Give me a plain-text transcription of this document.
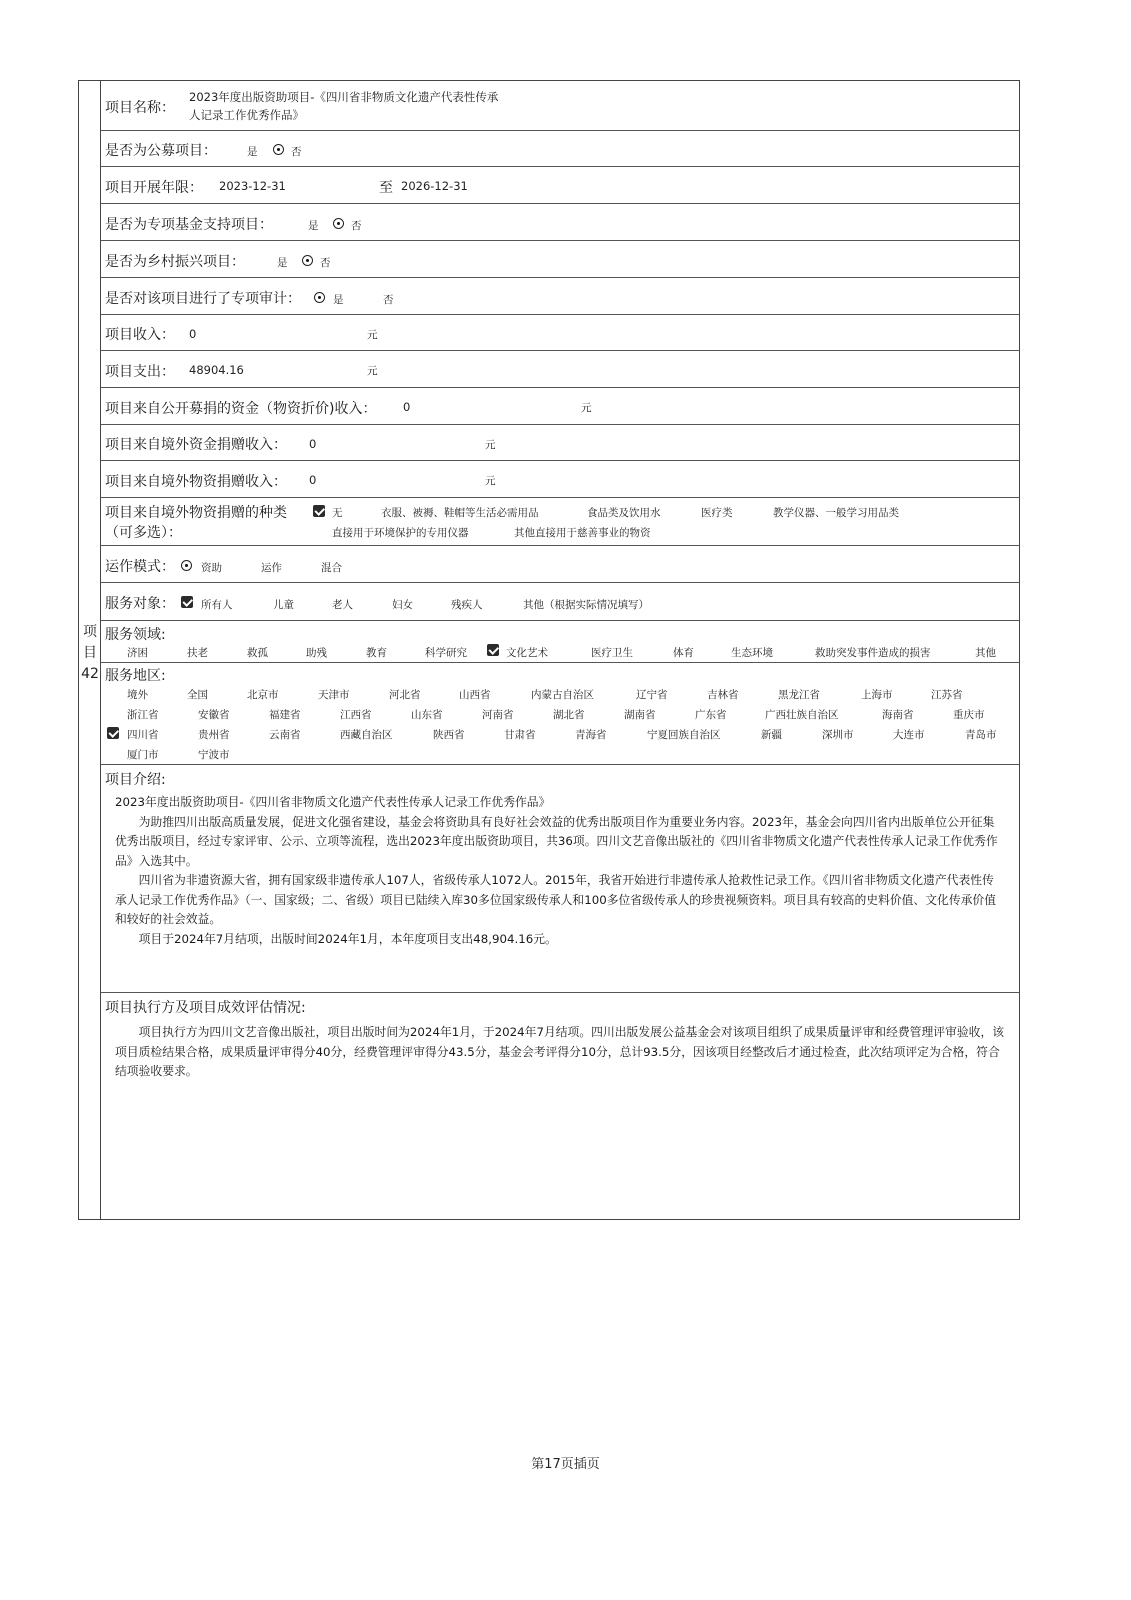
项
目
42
项目名称：
2023年度出版资助项目-《四川省非物质文化遗产代表性传承
人记录工作优秀作品》
是否为公募项目：	是	否
项目开展年限： 2023-12-31	至 2026-12-31
是否为专项基金支持项目：	是	否
是否为乡村振兴项目：	是	否
是否对该项目进行了专项审计：	是	否
项目收入： 0	元
项目支出： 48904.16	元
项目来自公开募捐的资金（物资折价)收入： 0	元
项目来自境外资金捐赠收入： 0	元
项目来自境外物资捐赠收入： 0	元
项目来自境外物资捐赠的种类
（可多选）：
无	衣服、被褥、鞋帽等生活必需用品	食品类及饮用水	医疗类	教学仪器、一般学习用品类
直接用于环境保护的专用仪器	其他直接用于慈善事业的物资
运作模式： 资助	运作	混合
服务对象： 所有人	儿童	老人	妇女	残疾人	其他（根据实际情况填写）
服务领域:
济困	扶老	救孤	助残	教育	科学研究	文化艺术	医疗卫生	体育	生态环境	救助突发事件造成的损害	其他
服务地区:
境外	全国	北京市	天津市	河北省	山西省	内蒙古自治区	辽宁省	吉林省	黑龙江省	上海市	江苏省
浙江省	安徽省	福建省	江西省	山东省	河南省	湖北省	湖南省	广东省	广西壮族自治区	海南省	重庆市
四川省	贵州省	云南省	西藏自治区	陕西省	甘肃省	青海省	宁夏回族自治区	新疆	深圳市	大连市	青岛市
厦门市	宁波市
项目介绍:

2023年度出版资助项目-《四川省非物质文化遗产代表性传承人记录工作优秀作品》

为助推四川出版高质量发展，促进文化强省建设，基金会将资助具有良好社会效益的优秀出版项目作为重要业务内容。2023年，基金会向四川省内出版单位公开征集优秀出版项目，经过专家评审、公示、立项等流程，选出2023年度出版资助项目，共36项。四川文艺音像出版社的《四川省非物质文化遗产代表性传承人记录工作优秀作品》入选其中。

四川省为非遗资源大省，拥有国家级非遗传承人107人，省级传承人1072人。2015年，我省开始进行非遗传承人抢救性记录工作。《四川省非物质文化遗产代表性传承人记录工作优秀作品》（一、国家级；二、省级）项目已陆续入库30多位国家级传承人和100多位省级传承人的珍贵视频资料。项目具有较高的史料价值、文化传承价值和较好的社会效益。

项目于2024年7月结项，出版时间2024年1月，本年度项目支出48,904.16元。

项目执行方及项目成效评估情况:

项目执行方为四川文艺音像出版社，项目出版时间为2024年1月，于2024年7月结项。四川出版发展公益基金会对该项目组织了成果质量评审和经费管理评审验收，该项目质检结果合格，成果质量评审得分40分，经费管理评审得分43.5分，基金会考评得分10分，总计93.5分，因该项目经整改后才通过检查，此次结项评定为合格，符合结项验收要求。

第17页插页
